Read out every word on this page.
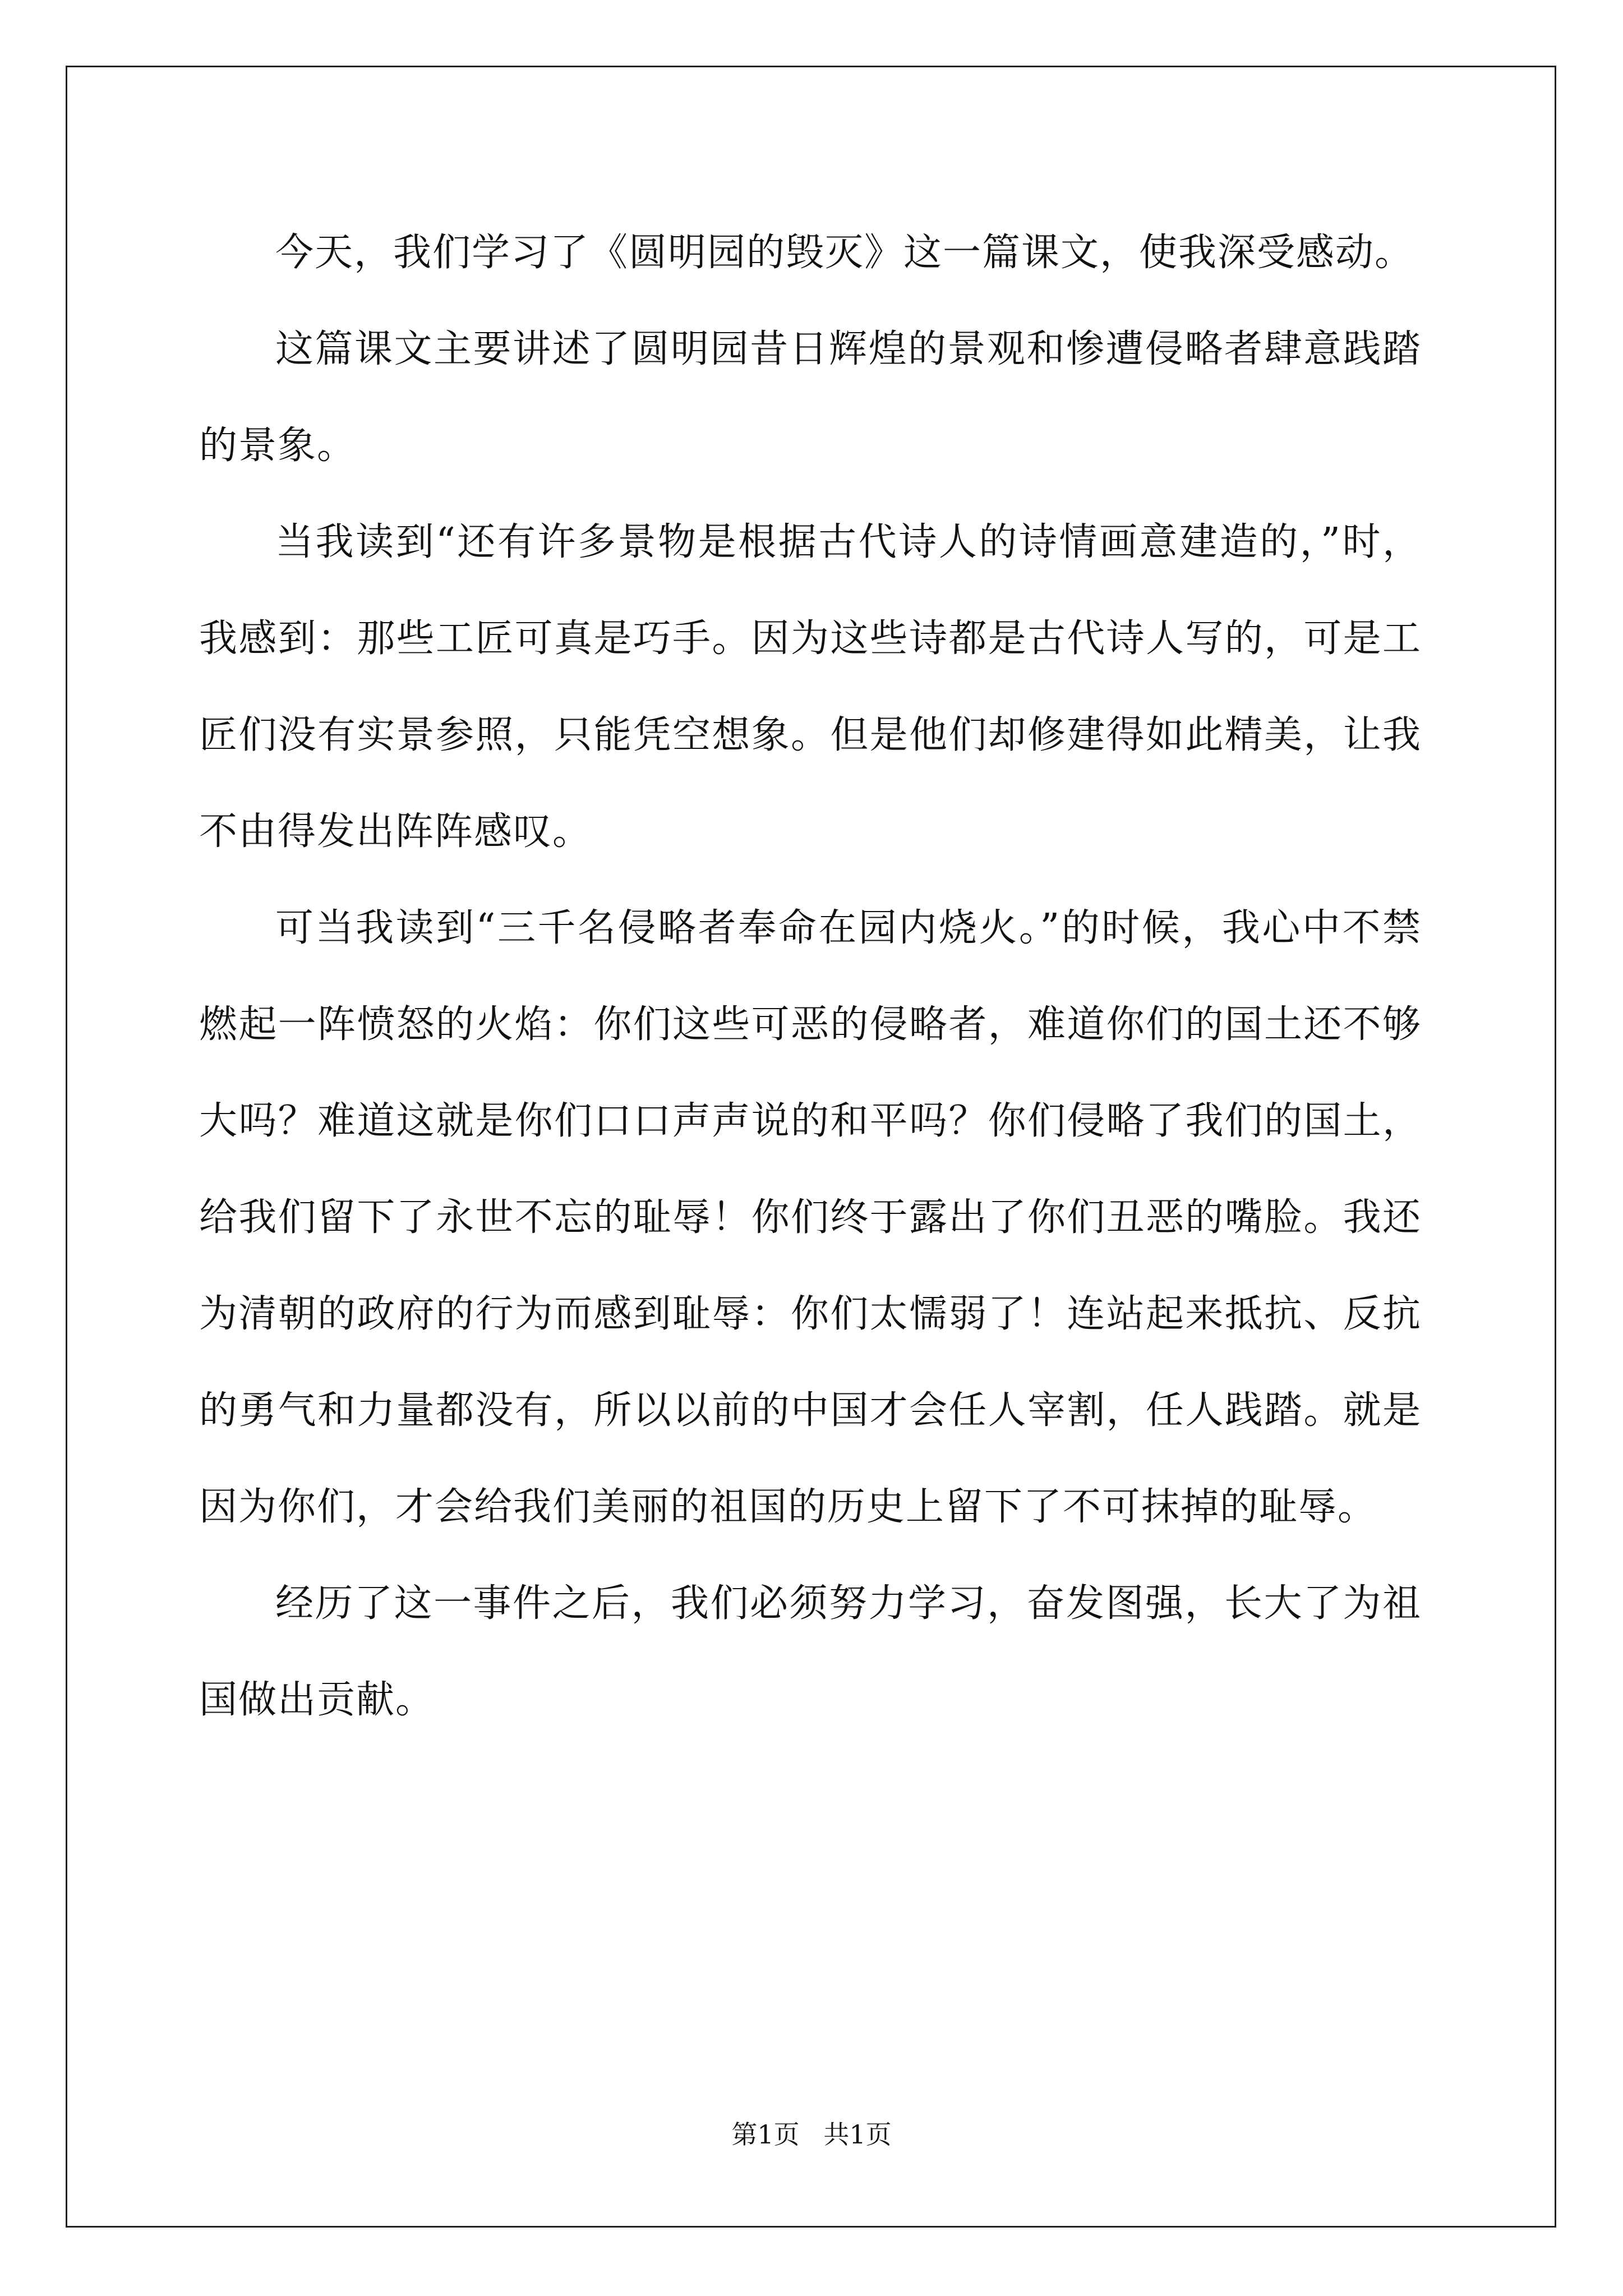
今天，我们学习了《圆明园的毁灭》这一篇课文，使我深受感动。

这篇课文主要讲述了圆明园昔日辉煌的景观和惨遭侵略者肆意践踏的景象。

当我读到“还有许多景物是根据古代诗人的诗情画意建造的，”时，我感到：那些工匠可真是巧手。因为这些诗都是古代诗人写的，可是工匠们没有实景参照，只能凭空想象。但是他们却修建得如此精美，让我不由得发出阵阵感叹。

可当我读到“三千名侵略者奉命在园内烧火。”的时候，我心中不禁燃起一阵愤怒的火焰：你们这些可恶的侵略者，难道你们的国土还不够大吗？难道这就是你们口口声声说的和平吗？你们侵略了我们的国土，给我们留下了永世不忘的耻辱！你们终于露出了你们丑恶的嘴脸。我还为清朝的政府的行为而感到耻辱：你们太懦弱了！连站起来抵抗、反抗的勇气和力量都没有，所以以前的中国才会任人宰割，任人践踏。就是因为你们，才会给我们美丽的祖国的历史上留下了不可抹掉的耻辱。

经历了这一事件之后，我们必须努力学习，奋发图强，长大了为祖国做出贡献。

第1页 共1页
